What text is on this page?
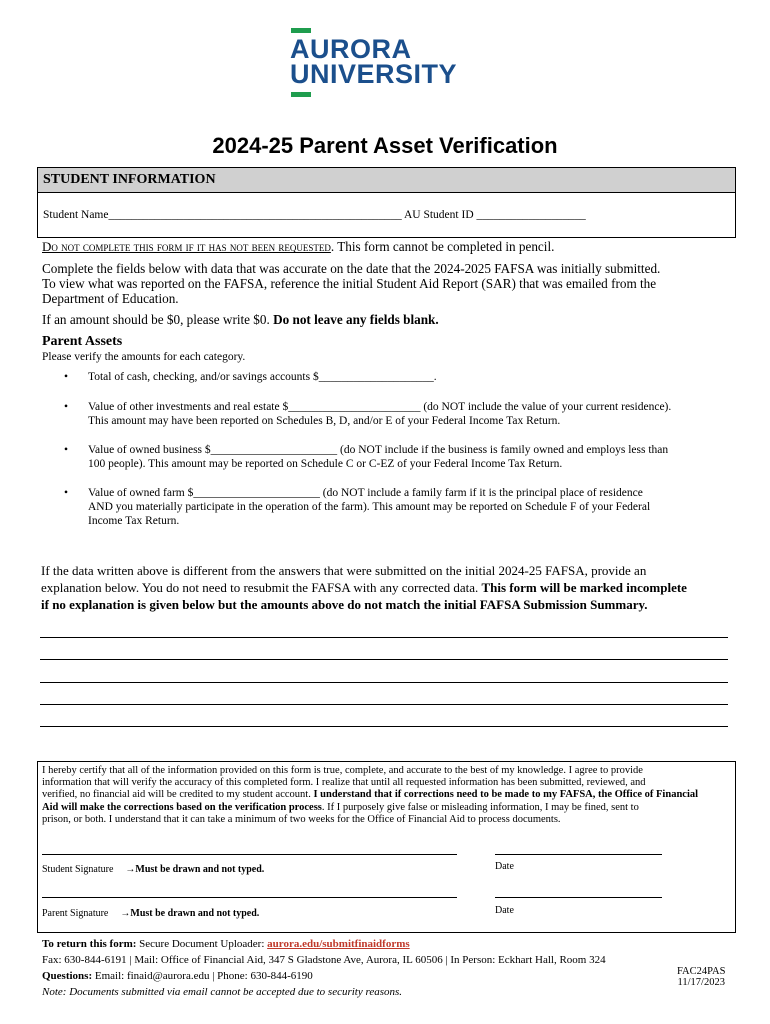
AURORA
UNIVERSITY
2024-25 Parent Asset Verification
STUDENT INFORMATION
Student Name___________________________________________________ AU Student ID ___________________
Do not complete this form if it has not been requested. This form cannot be completed in pencil.
Complete the fields below with data that was accurate on the date that the 2024-2025 FAFSA was initially submitted.
To view what was reported on the FAFSA, reference the initial Student Aid Report (SAR) that was emailed from the
Department of Education.
If an amount should be $0, please write $0. Do not leave any fields blank.
Parent Assets
Please verify the amounts for each category.
• Total of cash, checking, and/or savings accounts $____________________.
• Value of other investments and real estate $_______________________ (do NOT include the value of your current residence).
This amount may have been reported on Schedules B, D, and/or E of your Federal Income Tax Return.
• Value of owned business $______________________ (do NOT include if the business is family owned and employs less than
100 people). This amount may be reported on Schedule C or C-EZ of your Federal Income Tax Return.
• Value of owned farm $______________________ (do NOT include a family farm if it is the principal place of residence
AND you materially participate in the operation of the farm). This amount may be reported on Schedule F of your Federal
Income Tax Return.
If the data written above is different from the answers that were submitted on the initial 2024-25 FAFSA, provide an
explanation below. You do not need to resubmit the FAFSA with any corrected data. This form will be marked incomplete
if no explanation is given below but the amounts above do not match the initial FAFSA Submission Summary.
I hereby certify that all of the information provided on this form is true, complete, and accurate to the best of my knowledge. I agree to provide
information that will verify the accuracy of this completed form. I realize that until all requested information has been submitted, reviewed, and
verified, no financial aid will be credited to my student account. I understand that if corrections need to be made to my FAFSA, the Office of Financial
Aid will make the corrections based on the verification process. If I purposely give false or misleading information, I may be fined, sent to
prison, or both. I understand that it can take a minimum of two weeks for the Office of Financial Aid to process documents.
Student Signature →Must be drawn and not typed.	Date
Parent Signature →Must be drawn and not typed.	Date
To return this form: Secure Document Uploader: aurora.edu/submitfinaidforms
Fax: 630-844-6191 | Mail: Office of Financial Aid, 347 S Gladstone Ave, Aurora, IL 60506 | In Person: Eckhart Hall, Room 324
Questions: Email: finaid@aurora.edu | Phone: 630-844-6190
Note: Documents submitted via email cannot be accepted due to security reasons.
FAC24PAS
11/17/2023
